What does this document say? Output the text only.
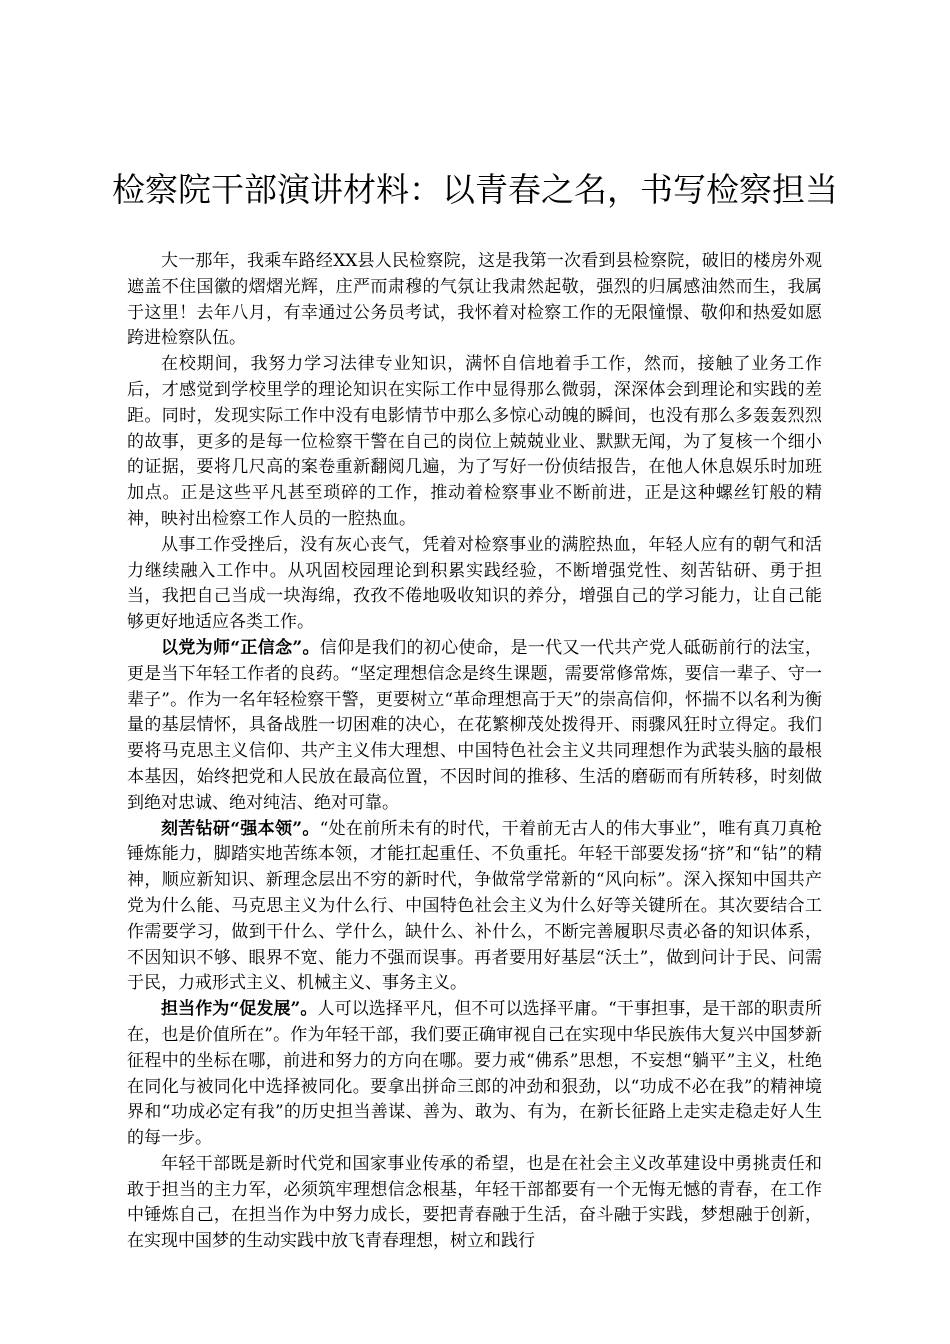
检察院干部演讲材料：以青春之名，书写检察担当

大一那年，我乘车路经XX县人民检察院，这是我第一次看到县检察院，破旧的楼房外观遮盖不住国徽的熠熠光辉，庄严而肃穆的气氛让我肃然起敬，强烈的归属感油然而生，我属于这里！去年八月，有幸通过公务员考试，我怀着对检察工作的无限憧憬、敬仰和热爱如愿跨进检察队伍。

在校期间，我努力学习法律专业知识，满怀自信地着手工作，然而，接触了业务工作后，才感觉到学校里学的理论知识在实际工作中显得那么微弱，深深体会到理论和实践的差距。同时，发现实际工作中没有电影情节中那么多惊心动魄的瞬间，也没有那么多轰轰烈烈的故事，更多的是每一位检察干警在自己的岗位上兢兢业业、默默无闻，为了复核一个细小的证据，要将几尺高的案卷重新翻阅几遍，为了写好一份侦结报告，在他人休息娱乐时加班加点。正是这些平凡甚至琐碎的工作，推动着检察事业不断前进，正是这种螺丝钉般的精神，映衬出检察工作人员的一腔热血。

从事工作受挫后，没有灰心丧气，凭着对检察事业的满腔热血，年轻人应有的朝气和活力继续融入工作中。从巩固校园理论到积累实践经验，不断增强党性、刻苦钻研、勇于担当，我把自己当成一块海绵，孜孜不倦地吸收知识的养分，增强自己的学习能力，让自己能够更好地适应各类工作。

以党为师“正信念”。信仰是我们的初心使命，是一代又一代共产党人砥砺前行的法宝，更是当下年轻工作者的良药。“坚定理想信念是终生课题，需要常修常炼，要信一辈子、守一辈子”。作为一名年轻检察干警，更要树立“革命理想高于天”的崇高信仰，怀揣不以名利为衡量的基层情怀，具备战胜一切困难的决心，在花繁柳茂处拨得开、雨骤风狂时立得定。我们要将马克思主义信仰、共产主义伟大理想、中国特色社会主义共同理想作为武装头脑的最根本基因，始终把党和人民放在最高位置，不因时间的推移、生活的磨砺而有所转移，时刻做到绝对忠诚、绝对纯洁、绝对可靠。

刻苦钻研“强本领”。“处在前所未有的时代，干着前无古人的伟大事业”，唯有真刀真枪锤炼能力，脚踏实地苦练本领，才能扛起重任、不负重托。年轻干部要发扬“挤”和“钻”的精神，顺应新知识、新理念层出不穷的新时代，争做常学常新的“风向标”。深入探知中国共产党为什么能、马克思主义为什么行、中国特色社会主义为什么好等关键所在。其次要结合工作需要学习，做到干什么、学什么，缺什么、补什么，不断完善履职尽责必备的知识体系，不因知识不够、眼界不宽、能力不强而误事。再者要用好基层“沃土”，做到问计于民、问需于民，力戒形式主义、机械主义、事务主义。

担当作为“促发展”。人可以选择平凡，但不可以选择平庸。“干事担事，是干部的职责所在，也是价值所在”。作为年轻干部，我们要正确审视自己在实现中华民族伟大复兴中国梦新征程中的坐标在哪，前进和努力的方向在哪。要力戒“佛系”思想，不妄想“躺平”主义，杜绝在同化与被同化中选择被同化。要拿出拼命三郎的冲劲和狠劲，以“功成不必在我”的精神境界和“功成必定有我”的历史担当善谋、善为、敢为、有为，在新长征路上走实走稳走好人生的每一步。

年轻干部既是新时代党和国家事业传承的希望，也是在社会主义改革建设中勇挑责任和敢于担当的主力军，必须筑牢理想信念根基，年轻干部都要有一个无悔无憾的青春，在工作中锤炼自己，在担当作为中努力成长，要把青春融于生活，奋斗融于实践，梦想融于创新，在实现中国梦的生动实践中放飞青春理想，树立和践行
